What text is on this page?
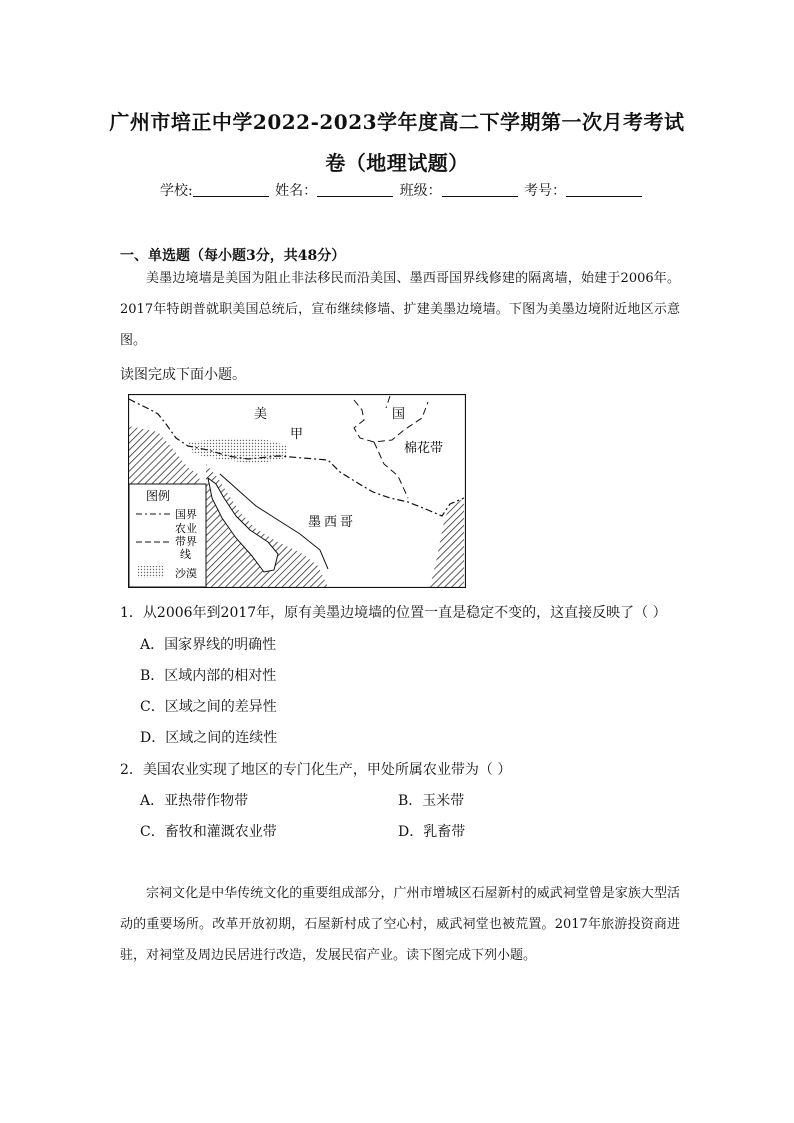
广州市培正中学2022-2023学年度高二下学期第一次月考考试
卷（地理试题）
学校:	姓名：	班级：	考号：
一、单选题（每小题3分，共48分）

美墨边境墙是美国为阻止非法移民而沿美国、墨西哥国界线修建的隔离墙，始建于2006年。2017年特朗普就职美国总统后，宣布继续修墙、扩建美墨边境墙。下图为美墨边境附近地区示意图。

读图完成下面小题。
图例
国界
农业
带界
线
沙漠
美	国
甲
棉花带
墨西哥
1．从2006年到2017年，原有美墨边境墙的位置一直是稳定不变的，这直接反映了（ ）
A．国家界线的明确性
B．区域内部的相对性
C．区域之间的差异性
D．区域之间的连续性
2．美国农业实现了地区的专门化生产，甲处所属农业带为（ ）
A．亚热带作物带	B．玉米带
C．畜牧和灌溉农业带	D．乳畜带

宗祠文化是中华传统文化的重要组成部分，广州市增城区石屋新村的威武祠堂曾是家族大型活动的重要场所。改革开放初期，石屋新村成了空心村，威武祠堂也被荒置。2017年旅游投资商进驻，对祠堂及周边民居进行改造，发展民宿产业。读下图完成下列小题。
